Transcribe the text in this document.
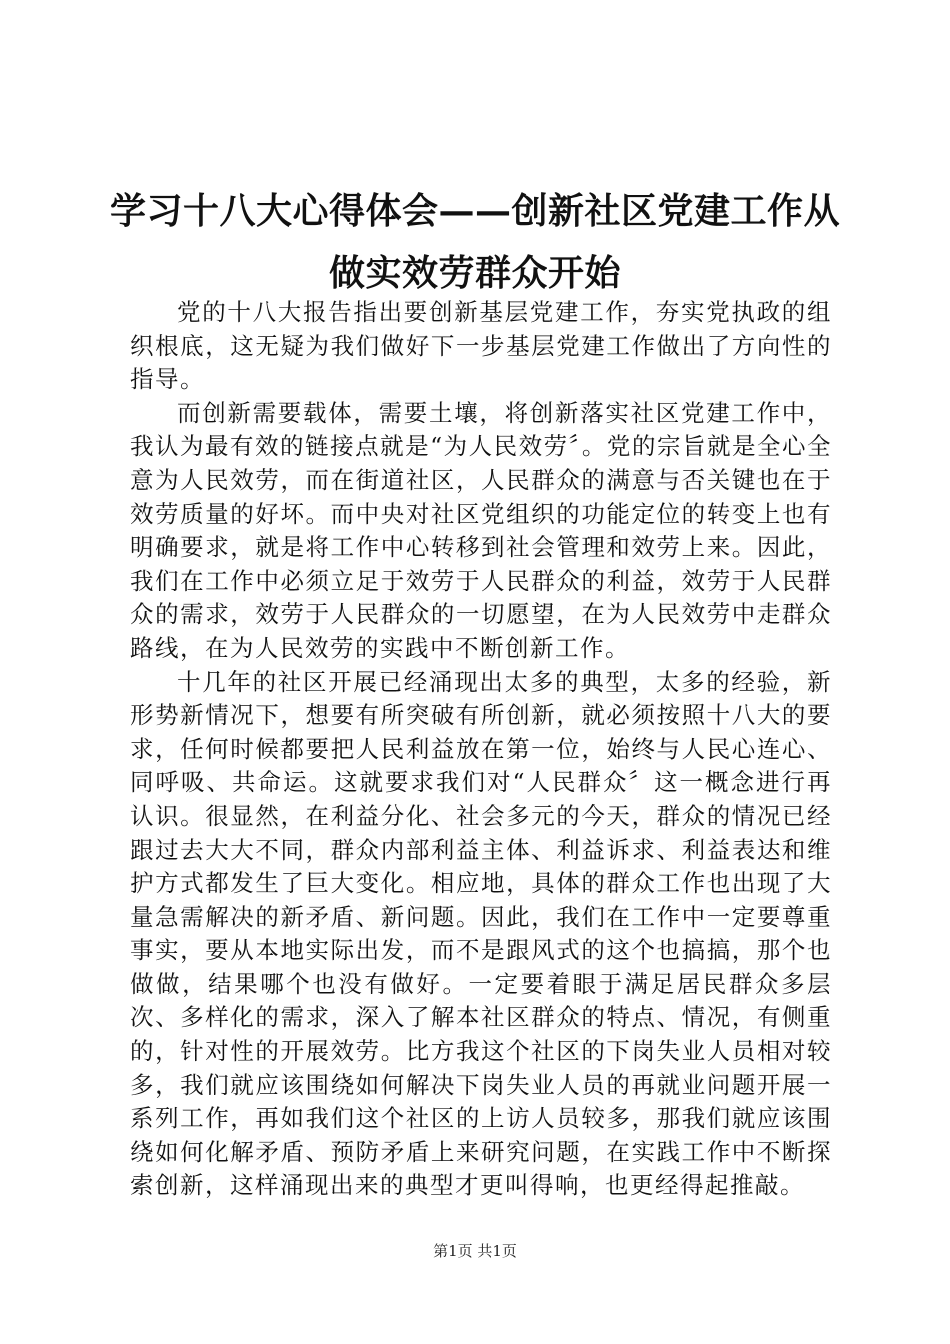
学习十八大心得体会——创新社区党建工作从
做实效劳群众开始

党的十八大报告指出要创新基层党建工作，夯实党执政的组织根底，这无疑为我们做好下一步基层党建工作做出了方向性的指导。

而创新需要载体，需要土壤，将创新落实社区党建工作中，我认为最有效的链接点就是“为人民效劳〞。党的宗旨就是全心全意为人民效劳，而在街道社区，人民群众的满意与否关键也在于效劳质量的好坏。而中央对社区党组织的功能定位的转变上也有明确要求，就是将工作中心转移到社会管理和效劳上来。因此，我们在工作中必须立足于效劳于人民群众的利益，效劳于人民群众的需求，效劳于人民群众的一切愿望，在为人民效劳中走群众路线，在为人民效劳的实践中不断创新工作。

十几年的社区开展已经涌现出太多的典型，太多的经验，新形势新情况下，想要有所突破有所创新，就必须按照十八大的要求，任何时候都要把人民利益放在第一位，始终与人民心连心、同呼吸、共命运。这就要求我们对“人民群众〞这一概念进行再认识。很显然，在利益分化、社会多元的今天，群众的情况已经跟过去大大不同，群众内部利益主体、利益诉求、利益表达和维护方式都发生了巨大变化。相应地，具体的群众工作也出现了大量急需解决的新矛盾、新问题。因此，我们在工作中一定要尊重事实，要从本地实际出发，而不是跟风式的这个也搞搞，那个也做做，结果哪个也没有做好。一定要着眼于满足居民群众多层次、多样化的需求，深入了解本社区群众的特点、情况，有侧重的，针对性的开展效劳。比方我这个社区的下岗失业人员相对较多，我们就应该围绕如何解决下岗失业人员的再就业问题开展一系列工作，再如我们这个社区的上访人员较多，那我们就应该围绕如何化解矛盾、预防矛盾上来研究问题，在实践工作中不断探索创新，这样涌现出来的典型才更叫得响，也更经得起推敲。

第1页 共1页
